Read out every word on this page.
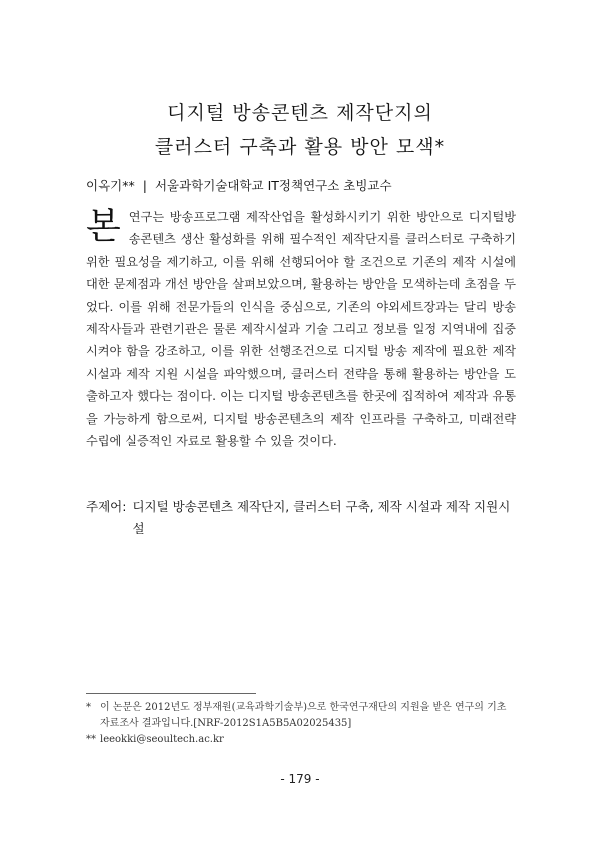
디지털 방송콘텐츠 제작단지의
클러스터 구축과 활용 방안 모색*
이옥기** | 서울과학기술대학교 IT정책연구소 초빙교수
본연구는 방송프로그램 제작산업을 활성화시키기 위한 방안으로 디지털방송콘텐츠 생산 활성화를 위해 필수적인 제작단지를 클러스터로 구축하기 위한 필요성을 제기하고, 이를 위해 선행되어야 할 조건으로 기존의 제작 시설에 대한 문제점과 개선 방안을 살펴보았으며, 활용하는 방안을 모색하는데 초점을 두었다. 이를 위해 전문가들의 인식을 중심으로, 기존의 야외세트장과는 달리 방송 제작사들과 관련기관은 물론 제작시설과 기술 그리고 정보를 일정 지역내에 집중시켜야 함을 강조하고, 이를 위한 선행조건으로 디지털 방송 제작에 필요한 제작 시설과 제작 지원 시설을 파악했으며, 클러스터 전략을 통해 활용하는 방안을 도출하고자 했다는 점이다. 이는 디지털 방송콘텐츠를 한곳에 집적하여 제작과 유통을 가능하게 함으로써, 디지털 방송콘텐츠의 제작 인프라를 구축하고, 미래전략 수립에 실증적인 자료로 활용할 수 있을 것이다.
주제어: 디지털 방송콘텐츠 제작단지, 클러스터 구축, 제작 시설과 제작 지원시설
* 이 논문은 2012년도 정부재원(교육과학기술부)으로 한국연구재단의 지원을 받은 연구의 기초자료조사 결과입니다.[NRF-2012S1A5B5A02025435]
** leeokki@seoultech.ac.kr
- 179 -
